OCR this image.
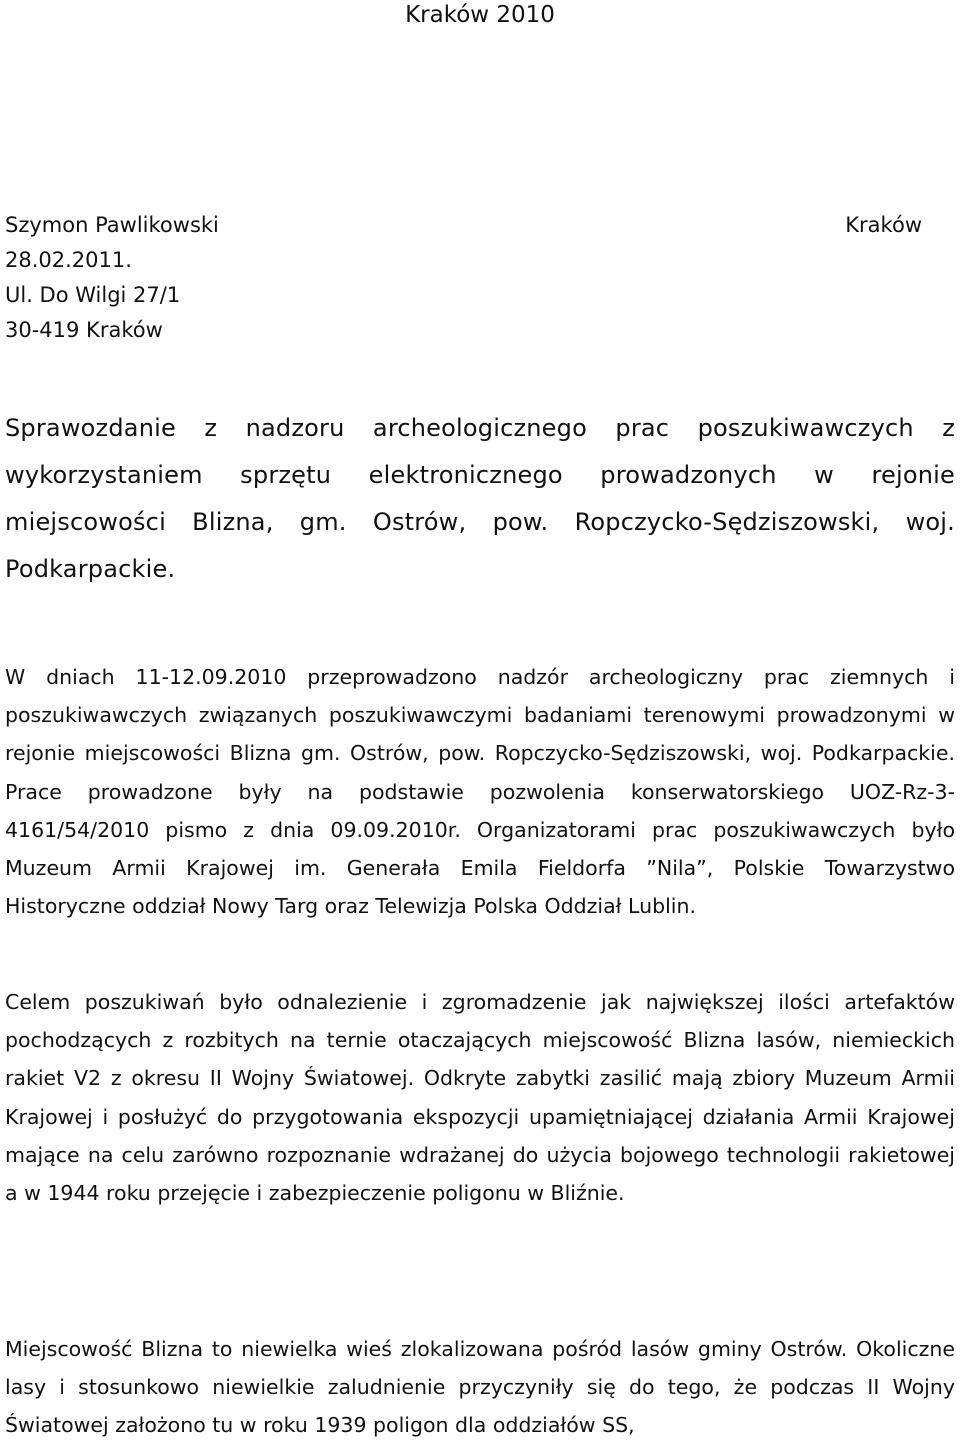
Kraków 2010
Szymon Pawlikowski
28.02.2011.
Ul. Do Wilgi 27/1
30-419 Kraków
Kraków
Sprawozdanie z nadzoru archeologicznego prac poszukiwawczych z wykorzystaniem sprzętu elektronicznego prowadzonych w rejonie miejscowości Blizna, gm. Ostrów, pow. Ropczycko-Sędziszowski, woj. Podkarpackie.

W dniach 11-12.09.2010 przeprowadzono nadzór archeologiczny prac ziemnych i poszukiwawczych związanych poszukiwawczymi badaniami terenowymi prowadzonymi w rejonie miejscowości Blizna gm. Ostrów, pow. Ropczycko-Sędziszowski, woj. Podkarpackie. Prace prowadzone były na podstawie pozwolenia konserwatorskiego UOZ-Rz-3-4161/54/2010 pismo z dnia 09.09.2010r. Organizatorami prac poszukiwawczych było Muzeum Armii Krajowej im. Generała Emila Fieldorfa ”Nila”, Polskie Towarzystwo Historyczne oddział Nowy Targ oraz Telewizja Polska Oddział Lublin.

Celem poszukiwań było odnalezienie i zgromadzenie jak największej ilości artefaktów pochodzących z rozbitych na ternie otaczających miejscowość Blizna lasów, niemieckich rakiet V2 z okresu II Wojny Światowej. Odkryte zabytki zasilić mają zbiory Muzeum Armii Krajowej i posłużyć do przygotowania ekspozycji upamiętniającej działania Armii Krajowej mające na celu zarówno rozpoznanie wdrażanej do użycia bojowego technologii rakietowej a w 1944 roku przejęcie i zabezpieczenie poligonu w Bliźnie.

Miejscowość Blizna to niewielka wieś zlokalizowana pośród lasów gminy Ostrów. Okoliczne lasy i stosunkowo niewielkie zaludnienie przyczyniły się do tego, że podczas II Wojny Światowej założono tu w roku 1939 poligon dla oddziałów SS,
